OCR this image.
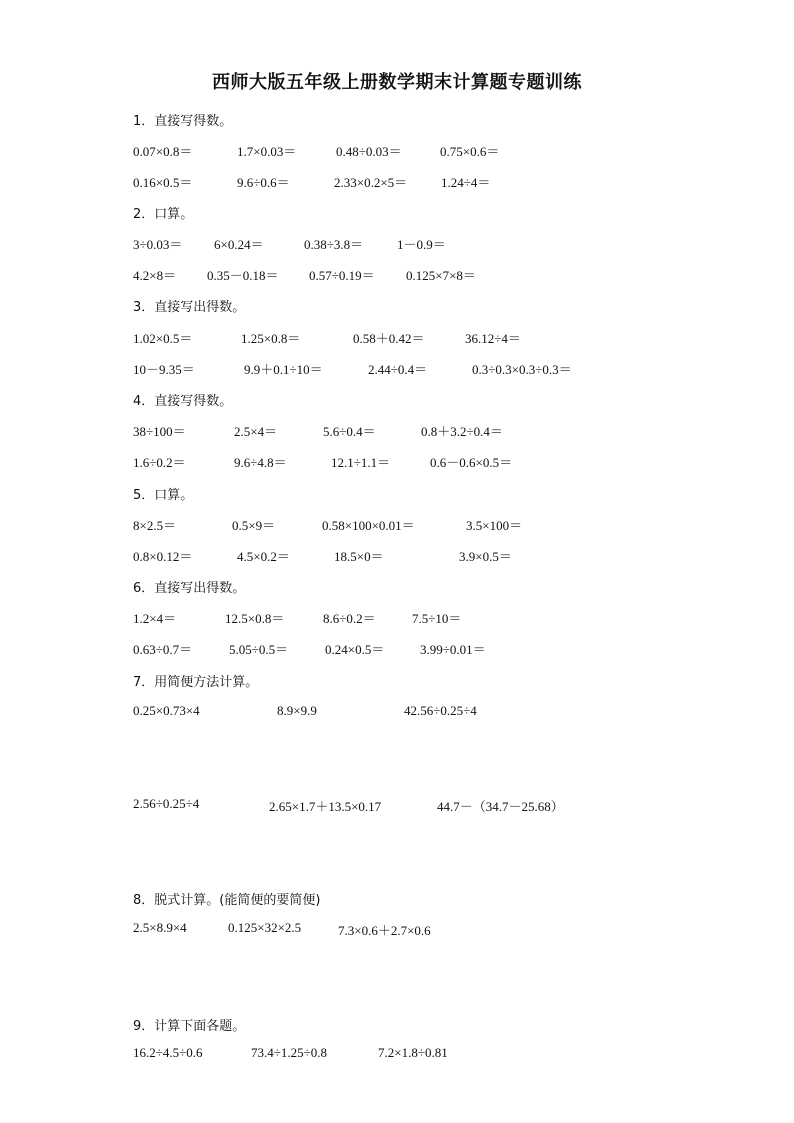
西师大版五年级上册数学期末计算题专题训练
1．直接写得数。
0.07×0.8＝	1.7×0.03＝	0.48÷0.03＝	0.75×0.6＝
0.16×0.5＝	9.6÷0.6＝	2.33×0.2×5＝	1.24÷4＝
2．口算。
3÷0.03＝ 6×0.24＝	0.38÷3.8＝	1－0.9＝
4.2×8＝ 0.35－0.18＝ 0.57÷0.19＝ 0.125×7×8＝
3．直接写出得数。
1.02×0.5＝	1.25×0.8＝	0.58＋0.42＝	36.12÷4＝
10－9.35＝	9.9＋0.1÷10＝	2.44÷0.4＝	0.3÷0.3×0.3÷0.3＝
4．直接写得数。
38÷100＝	2.5×4＝	5.6÷0.4＝	0.8＋3.2÷0.4＝
1.6÷0.2＝	9.6÷4.8＝	12.1÷1.1＝	0.6－0.6×0.5＝
5．口算。
8×2.5＝	0.5×9＝	0.58×100×0.01＝	3.5×100＝
0.8×0.12＝	4.5×0.2＝	18.5×0＝	3.9×0.5＝
6．直接写出得数。
1.2×4＝	12.5×0.8＝	8.6÷0.2＝	7.5÷10＝
0.63÷0.7＝	5.05÷0.5＝	0.24×0.5＝	3.99÷0.01＝
7．用简便方法计算。
0.25×0.73×4	8.9×9.9	42.56÷0.25÷4
2.56÷0.25÷4	2.65×1.7＋13.5×0.17	44.7－（34.7－25.68）
8．脱式计算。(能简便的要简便)
2.5×8.9×4	0.125×32×2.5	7.3×0.6＋2.7×0.6
9．计算下面各题。
16.2÷4.5÷0.6	73.4÷1.25÷0.8	7.2×1.8÷0.81
